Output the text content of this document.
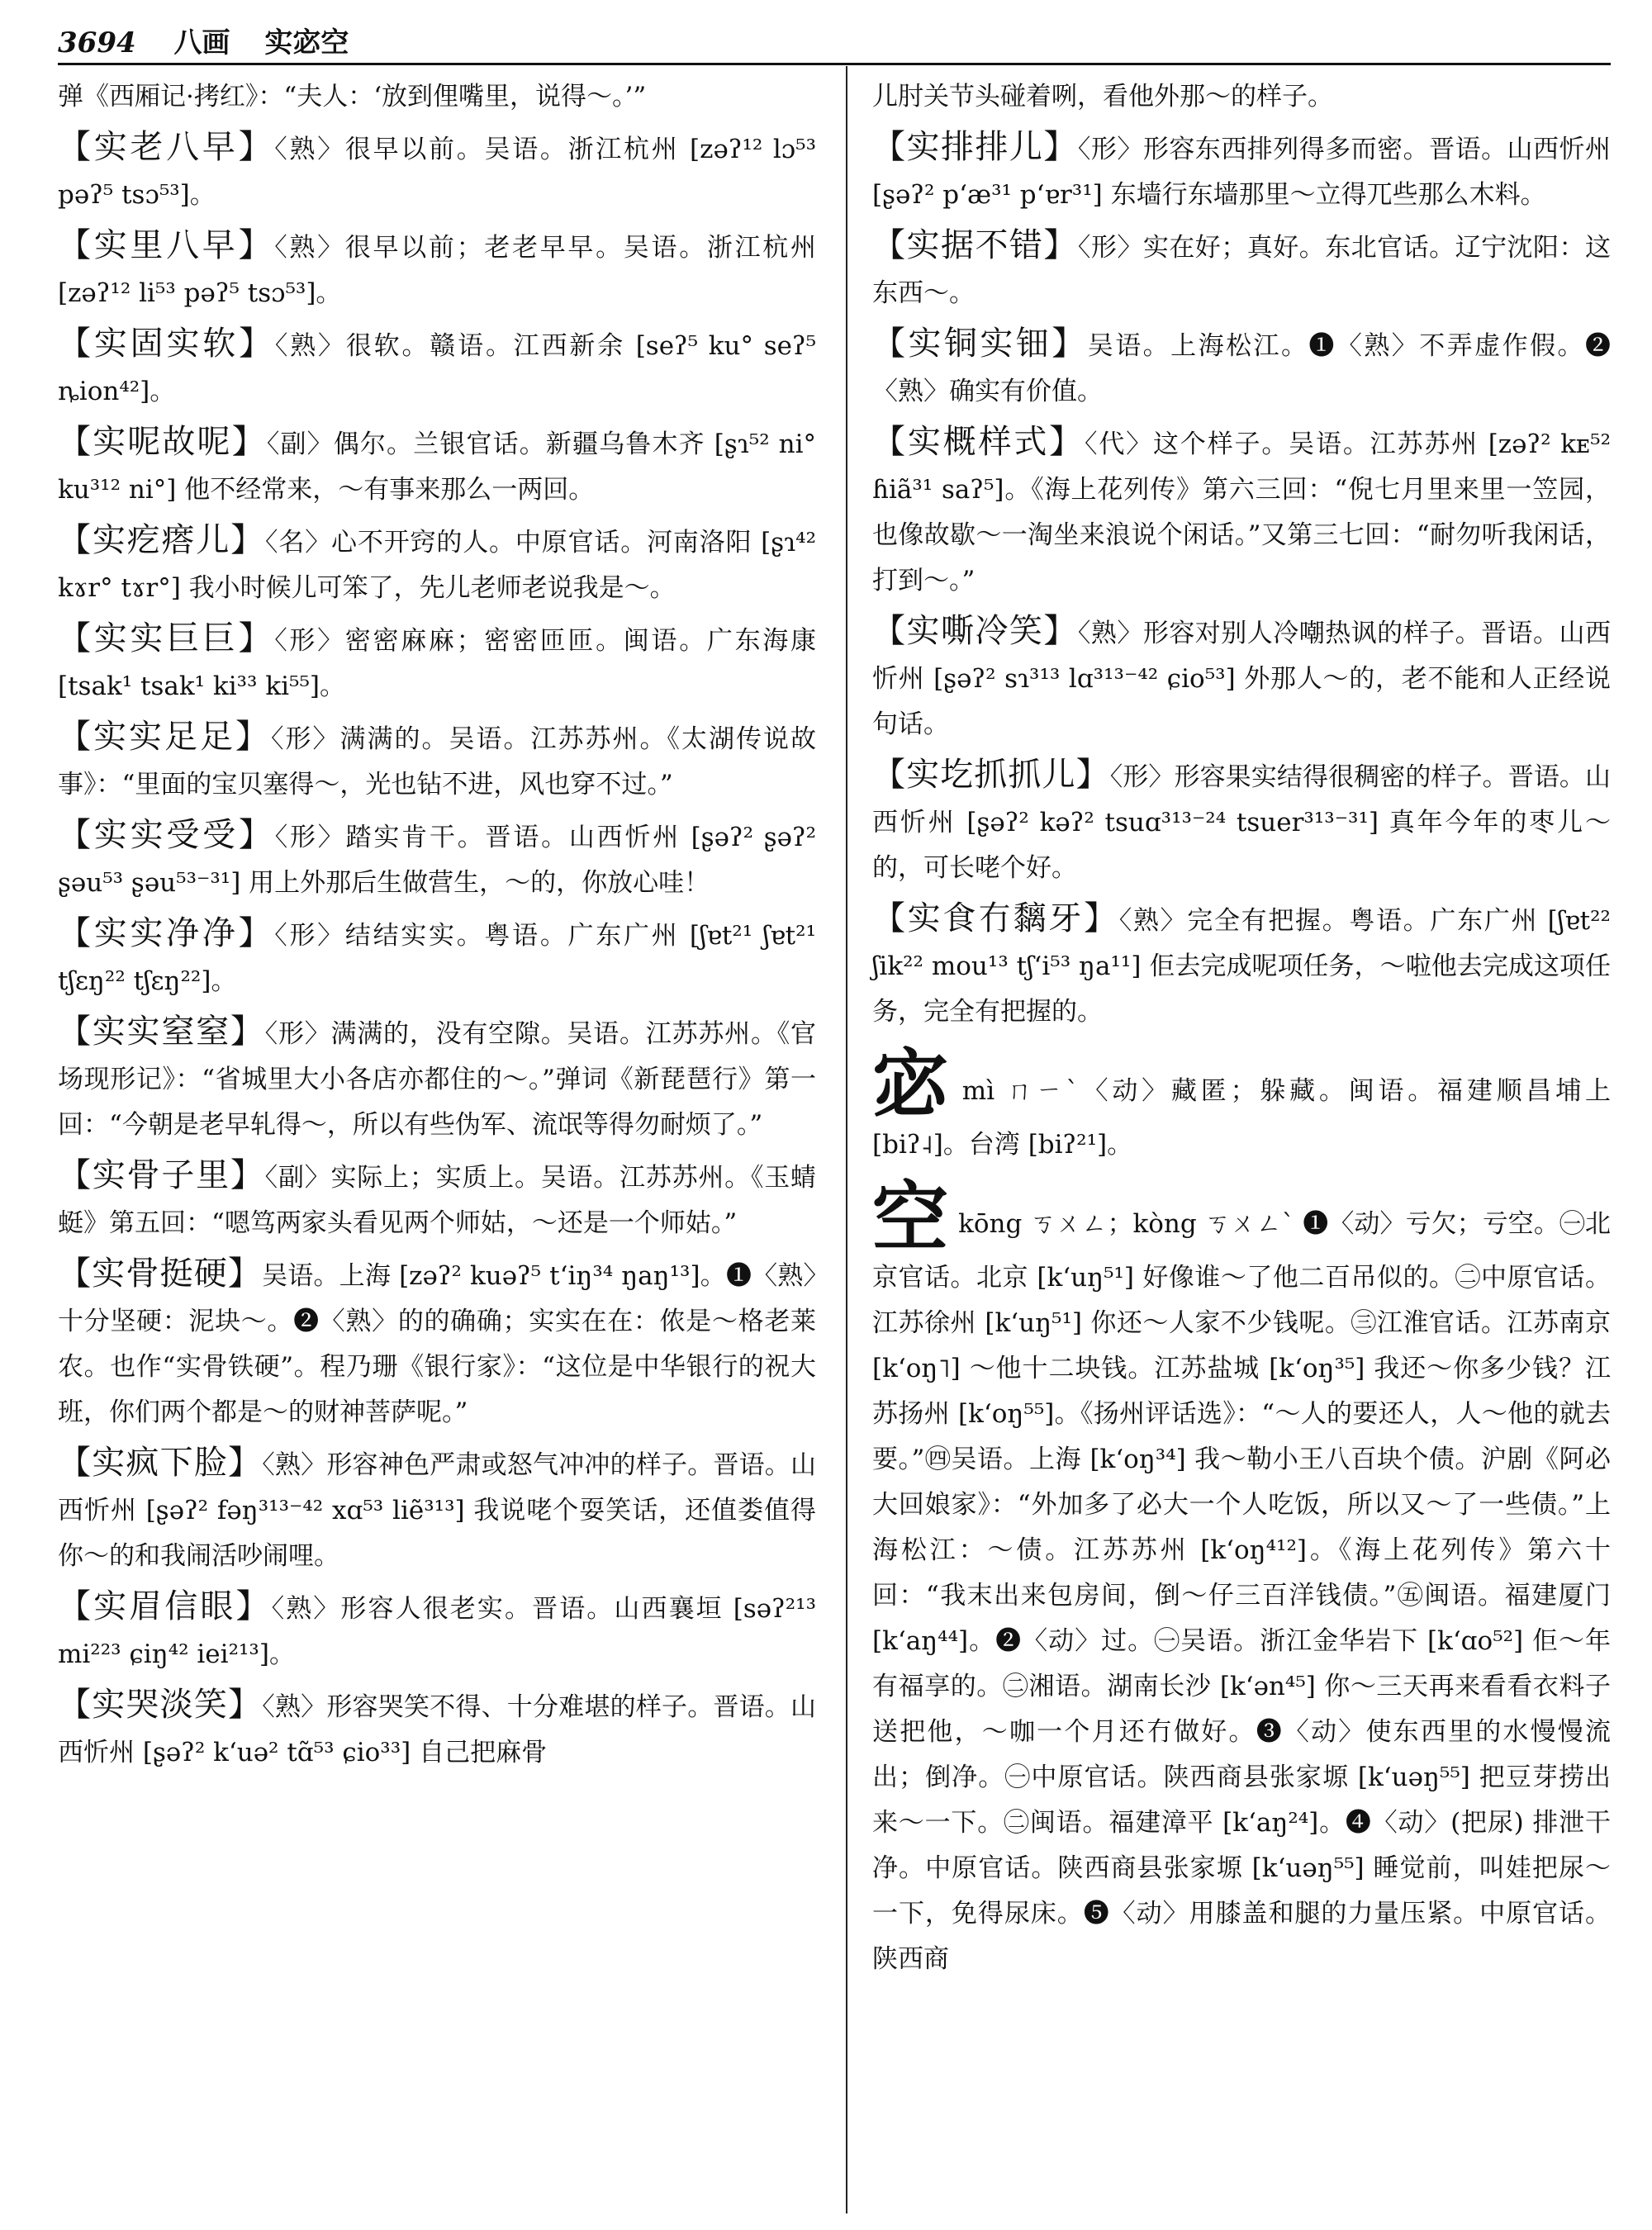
3694 八画 实宓空
弹《西厢记·拷红》：“夫人：‘放到俚嘴里，说得～。’”
【实老八早】〈熟〉很早以前。吴语。浙江杭州 [zəʔ¹² lɔ⁵³ pəʔ⁵ tsɔ⁵³]。
【实里八早】〈熟〉很早以前；老老早早。吴语。浙江杭州 [zəʔ¹² li⁵³ pəʔ⁵ tsɔ⁵³]。
【实固实软】〈熟〉很软。赣语。江西新余 [seʔ⁵ ku° seʔ⁵ ȵion⁴²]。
【实呢故呢】〈副〉偶尔。兰银官话。新疆乌鲁木齐 [ʂɿ⁵² ni° ku³¹² ni°] 他不经常来，～有事来那么一两回。
【实疙瘩儿】〈名〉心不开窍的人。中原官话。河南洛阳 [ʂɿ⁴² kɤr° tɤr°] 我小时候儿可笨了，先儿老师老说我是～。
【实实巨巨】〈形〉密密麻麻；密密匝匝。闽语。广东海康 [tsak¹ tsak¹ ki³³ ki⁵⁵]。
【实实足足】〈形〉满满的。吴语。江苏苏州。《太湖传说故事》：“里面的宝贝塞得～，光也钻不进，风也穿不过。”
【实实受受】〈形〉踏实肯干。晋语。山西忻州 [ʂəʔ² ʂəʔ² ʂəu⁵³ ʂəu⁵³⁻³¹] 用上外那后生做营生，～的，你放心哇！
【实实净净】〈形〉结结实实。粤语。广东广州 [ʃɐt²¹ ʃɐt²¹ tʃɛŋ²² tʃɛŋ²²]。
【实实窒窒】〈形〉满满的，没有空隙。吴语。江苏苏州。《官场现形记》：“省城里大小各店亦都住的～。”弹词《新琵琶行》第一回：“今朝是老早轧得～，所以有些伪军、流氓等得勿耐烦了。”
【实骨子里】〈副〉实际上；实质上。吴语。江苏苏州。《玉蜻蜓》第五回：“嗯笃两家头看见两个师姑，～还是一个师姑。”
【实骨挺硬】吴语。上海 [zəʔ² kuəʔ⁵ tʻiŋ³⁴ ŋaŋ¹³]。❶〈熟〉十分坚硬：泥块～。❷〈熟〉的的确确；实实在在：侬是～格老莱农。也作“实骨铁硬”。程乃珊《银行家》：“这位是中华银行的祝大班，你们两个都是～的财神菩萨呢。”
【实疯下脸】〈熟〉形容神色严肃或怒气冲冲的样子。晋语。山西忻州 [ʂəʔ² fəŋ³¹³⁻⁴² xɑ⁵³ liẽ³¹³] 我说咾个耍笑话，还值娄值得你～的和我闹活吵闹哩。
【实眉信眼】〈熟〉形容人很老实。晋语。山西襄垣 [səʔ²¹³ mi²²³ ɕiŋ⁴² iei²¹³]。
【实哭淡笑】〈熟〉形容哭笑不得、十分难堪的样子。晋语。山西忻州 [ʂəʔ² kʻuə² tɑ̃⁵³ ɕio³³] 自己把麻骨
儿肘关节头碰着咧，看他外那～的样子。
【实排排儿】〈形〉形容东西排列得多而密。晋语。山西忻州 [ʂəʔ² pʻæ³¹ pʻɐr³¹] 东墙行东墙那里～立得兀些那么木料。
【实据不错】〈形〉实在好；真好。东北官话。辽宁沈阳：这东西～。
【实铜实钿】吴语。上海松江。❶〈熟〉不弄虚作假。❷〈熟〉确实有价值。
【实概样式】〈代〉这个样子。吴语。江苏苏州 [zəʔ² kᴇ⁵² ɦiã³¹ saʔ⁵]。《海上花列传》第六三回：“倪七月里来里一笠园，也像故歇～一淘坐来浪说个闲话。”又第三七回：“耐勿听我闲话，打到～。”
【实嘶冷笑】〈熟〉形容对别人冷嘲热讽的样子。晋语。山西忻州 [ʂəʔ² sɿ³¹³ lɑ³¹³⁻⁴² ɕio⁵³] 外那人～的，老不能和人正经说句话。
【实圪抓抓儿】〈形〉形容果实结得很稠密的样子。晋语。山西忻州 [ʂəʔ² kəʔ² tsuɑ³¹³⁻²⁴ tsuer³¹³⁻³¹] 真年今年的枣儿～的，可长咾个好。
【实食冇黐牙】〈熟〉完全有把握。粤语。广东广州 [ʃɐt²² ʃik²² mou¹³ tʃʻi⁵³ ŋa¹¹] 佢去完成呢项任务，～啦他去完成这项任务，完全有把握的。
宓mì ㄇㄧˋ〈动〉藏匿；躲藏。闽语。福建顺昌埔上 [biʔ˨]。台湾 [biʔ²¹]。
空kōng ㄎㄨㄥ；kòng ㄎㄨㄥˋ ❶〈动〉亏欠；亏空。㊀北京官话。北京 [kʻuŋ⁵¹] 好像谁～了他二百吊似的。㊁中原官话。江苏徐州 [kʻuŋ⁵¹] 你还～人家不少钱呢。㊂江淮官话。江苏南京 [kʻoŋ˥] ～他十二块钱。江苏盐城 [kʻoŋ³⁵] 我还～你多少钱？江苏扬州 [kʻoŋ⁵⁵]。《扬州评话选》：“～人的要还人，人～他的就去要。”㊃吴语。上海 [kʻoŋ³⁴] 我～勒小王八百块个债。沪剧《阿必大回娘家》：“外加多了必大一个人吃饭，所以又～了一些债。”上海松江：～债。江苏苏州 [kʻoŋ⁴¹²]。《海上花列传》第六十回：“我末出来包房间，倒～仔三百洋钱债。”㊄闽语。福建厦门 [kʻaŋ⁴⁴]。❷〈动〉过。㊀吴语。浙江金华岩下 [kʻɑo⁵²] 佢～年有福享的。㊁湘语。湖南长沙 [kʻən⁴⁵] 你～三天再来看看衣料子送把他，～咖一个月还冇做好。❸〈动〉使东西里的水慢慢流出；倒净。㊀中原官话。陕西商县张家塬 [kʻuəŋ⁵⁵] 把豆芽捞出来～一下。㊁闽语。福建漳平 [kʻaŋ²⁴]。❹〈动〉(把尿) 排泄干净。中原官话。陕西商县张家塬 [kʻuəŋ⁵⁵] 睡觉前，叫娃把尿～一下，免得尿床。❺〈动〉用膝盖和腿的力量压紧。中原官话。陕西商
